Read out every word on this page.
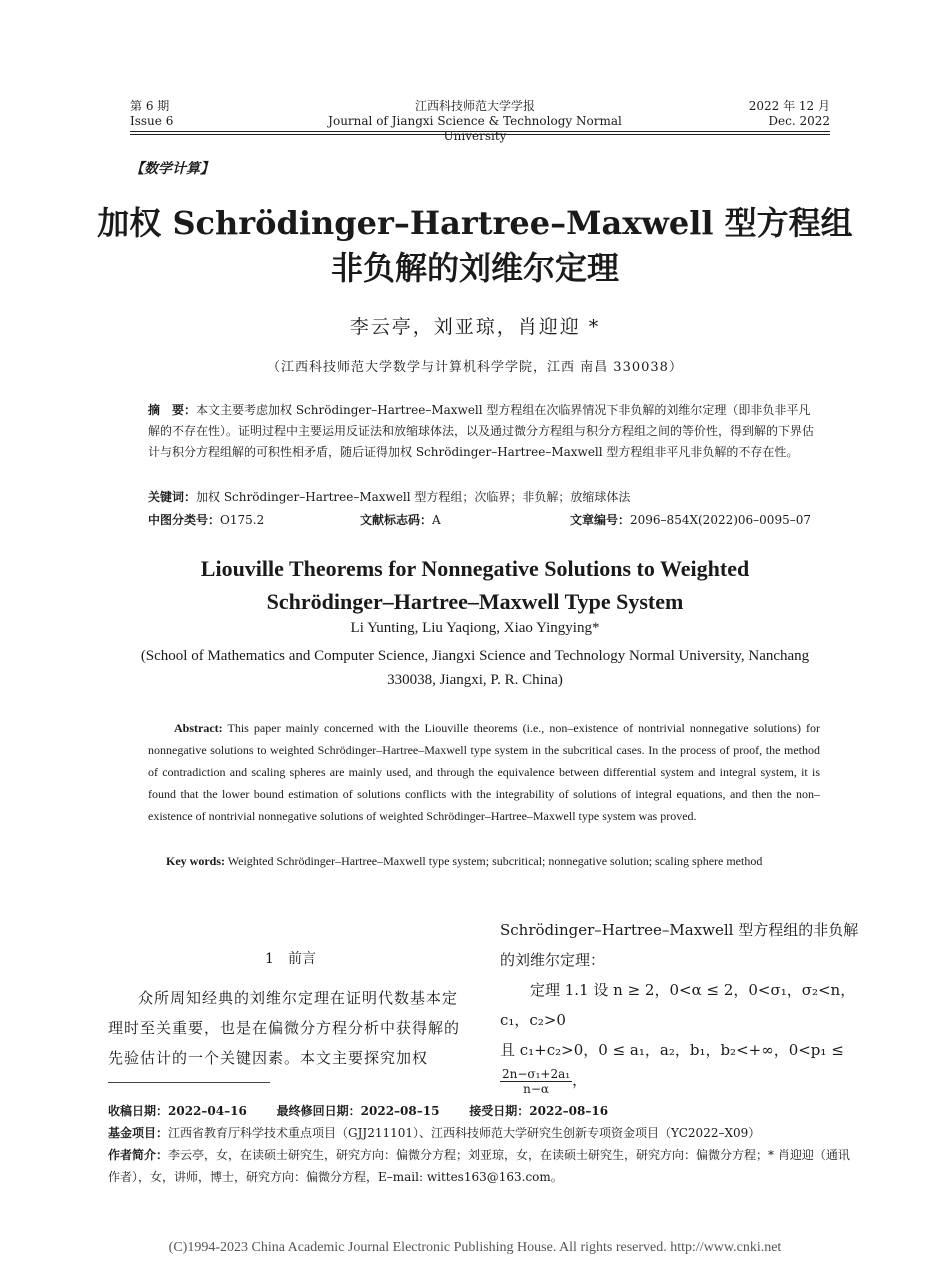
第 6 期
Issue 6
江西科技师范大学学报
Journal of Jiangxi Science & Technology Normal University
2022 年 12 月
Dec. 2022
【数学计算】
加权 Schrödinger–Hartree–Maxwell 型方程组
非负解的刘维尔定理
李云亭，刘亚琼，肖迎迎 *
（江西科技师范大学数学与计算机科学学院，江西 南昌 330038）
摘　要：本文主要考虑加权 Schrödinger–Hartree–Maxwell 型方程组在次临界情况下非负解的刘维尔定理（即非负非平凡解的不存在性）。证明过程中主要运用反证法和放缩球体法，以及通过微分方程组与积分方程组之间的等价性，得到解的下界估计与积分方程组解的可积性相矛盾，随后证得加权 Schrödinger–Hartree–Maxwell 型方程组非平凡非负解的不存在性。
关键词：加权 Schrödinger–Hartree–Maxwell 型方程组；次临界；非负解；放缩球体法
中图分类号：O175.2	文献标志码：A	文章编号：2096–854X(2022)06–0095–07
Liouville Theorems for Nonnegative Solutions to Weighted
Schrödinger–Hartree–Maxwell Type System
Li Yunting, Liu Yaqiong, Xiao Yingying*
(School of Mathematics and Computer Science, Jiangxi Science and Technology Normal University, Nanchang 330038, Jiangxi, P. R. China)
Abstract: This paper mainly concerned with the Liouville theorems (i.e., non–existence of nontrivial nonnegative solutions) for nonnegative solutions to weighted Schrödinger–Hartree–Maxwell type system in the subcritical cases. In the process of proof, the method of contradiction and scaling spheres are mainly used, and through the equivalence between differential system and integral system, it is found that the lower bound estimation of solutions conflicts with the integrability of solutions of integral equations, and then the non–existence of nontrivial nonnegative solutions of weighted Schrödinger–Hartree–Maxwell type system was proved.
Key words: Weighted Schrödinger–Hartree–Maxwell type system; subcritical; nonnegative solution; scaling sphere method
1　前言
众所周知经典的刘维尔定理在证明代数基本定理时至关重要，也是在偏微分方程分析中获得解的先验估计的一个关键因素。本文主要探究加权
Schrödinger–Hartree–Maxwell 型方程组的非负解的刘维尔定理：
定理 1.1 设 n ≥ 2，0<α ≤ 2，0<σ₁，σ₂<n，c₁，c₂>0
且 c₁+c₂>0，0 ≤ a₁，a₂，b₁，b₂<+∞，0<p₁ ≤
$\frac{\text{2n−σ₁+2a₁}}{n-\alpha}$ ，
收稿日期：2022–04–16 最终修回日期：2022–08–15 接受日期：2022–08–16
基金项目：江西省教育厅科学技术重点项目（GJJ211101）、江西科技师范大学研究生创新专项资金项目（YC2022–X09）
作者简介：李云亭，女，在读硕士研究生，研究方向：偏微分方程；刘亚琼，女，在读硕士研究生，研究方向：偏微分方程；* 肖迎迎（通讯作者），女，讲师，博士，研究方向：偏微分方程，E–mail: wittes163@163.com。
(C)1994-2023 China Academic Journal Electronic Publishing House. All rights reserved. http://www.cnki.net
